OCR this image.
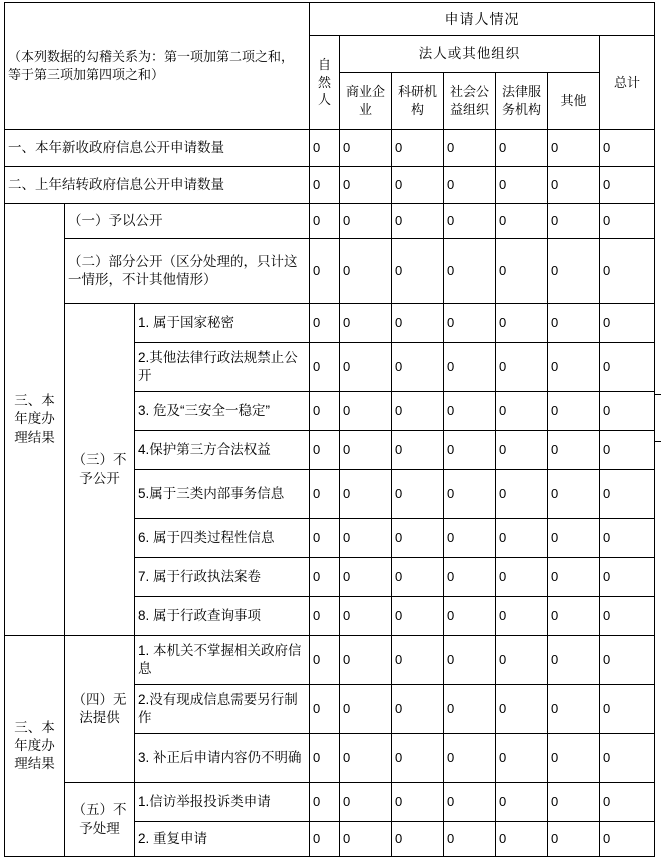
（本列数据的勾稽关系为：第一项加第二项之和，等于第三项加第四项之和）			申请人情况						
			自然人	法人或其他组织					总计
				商业企业	科研机构	社会公益组织	法律服务机构	其他	
一、本年新收政府信息公开申请数量			0	0	0	0	0	0	0
二、上年结转政府信息公开申请数量			0	0	0	0	0	0	0
三、本年度办理结果	（一）予以公开		0	0	0	0	0	0	0
	（二）部分公开（区分处理的，只计这一情形，不计其他情形）		0	0	0	0	0	0	0
	（三）不予公开	1. 属于国家秘密	0	0	0	0	0	0	0
		2.其他法律行政法规禁止公开	0	0	0	0	0	0	0
		3. 危及“三安全一稳定”	0	0	0	0	0	0	0
		4.保护第三方合法权益	0	0	0	0	0	0	0
		5.属于三类内部事务信息	0	0	0	0	0	0	0
		6. 属于四类过程性信息	0	0	0	0	0	0	0
		7. 属于行政执法案卷	0	0	0	0	0	0	0
		8. 属于行政查询事项	0	0	0	0	0	0	0
三、本年度办理结果	（四）无法提供	1. 本机关不掌握相关政府信息	0	0	0	0	0	0	0
		2.没有现成信息需要另行制作	0	0	0	0	0	0	0
		3. 补正后申请内容仍不明确	0	0	0	0	0	0	0
	（五）不予处理	1.信访举报投诉类申请	0	0	0	0	0	0	0
		2. 重复申请	0	0	0	0	0	0	0
